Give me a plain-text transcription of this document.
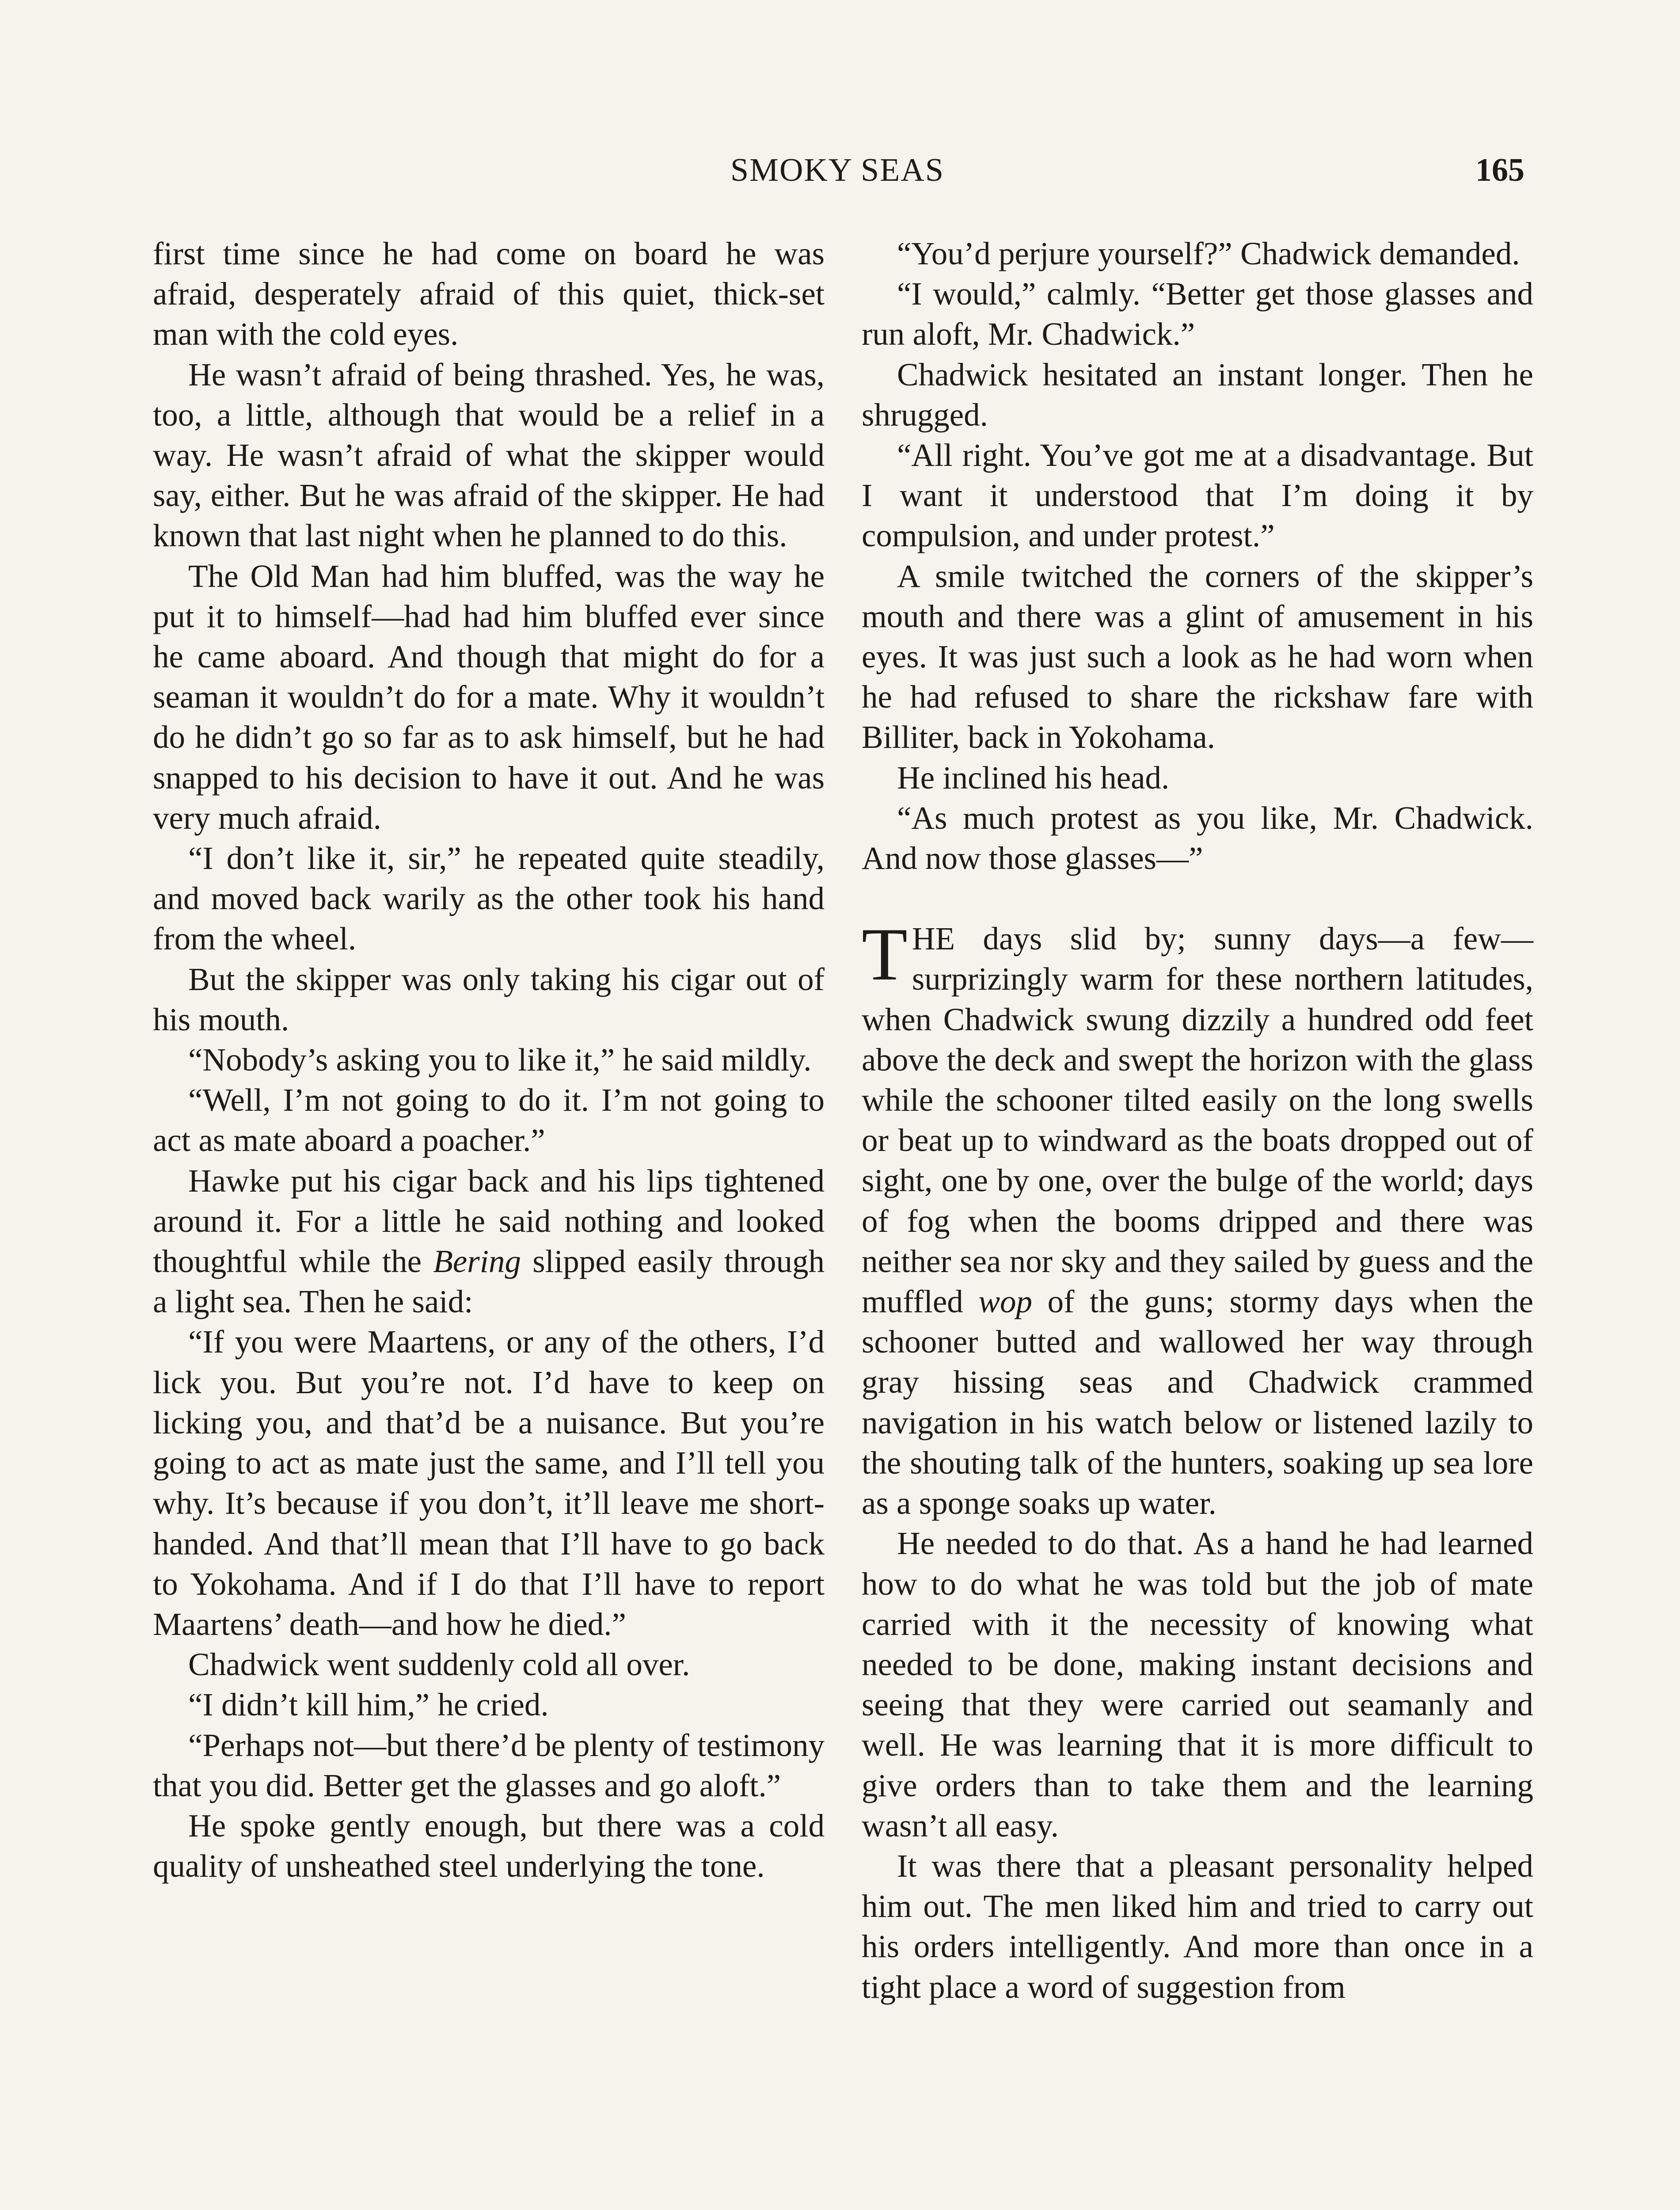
SMOKY SEAS	165

first time since he had come on board he was afraid, desperately afraid of this quiet, thick-set man with the cold eyes.

He wasn’t afraid of being thrashed. Yes, he was, too, a little, although that would be a relief in a way. He wasn’t afraid of what the skipper would say, either. But he was afraid of the skipper. He had known that last night when he planned to do this.

The Old Man had him bluffed, was the way he put it to himself—had had him bluffed ever since he came aboard. And though that might do for a seaman it wouldn’t do for a mate. Why it wouldn’t do he didn’t go so far as to ask himself, but he had snapped to his decision to have it out. And he was very much afraid.

“I don’t like it, sir,” he repeated quite steadily, and moved back warily as the other took his hand from the wheel.

But the skipper was only taking his cigar out of his mouth.

“Nobody’s asking you to like it,” he said mildly.

“Well, I’m not going to do it. I’m not going to act as mate aboard a poacher.”

Hawke put his cigar back and his lips tightened around it. For a little he said nothing and looked thoughtful while the Bering slipped easily through a light sea. Then he said:

“If you were Maartens, or any of the others, I’d lick you. But you’re not. I’d have to keep on licking you, and that’d be a nuisance. But you’re going to act as mate just the same, and I’ll tell you why. It’s because if you don’t, it’ll leave me short-handed. And that’ll mean that I’ll have to go back to Yokohama. And if I do that I’ll have to report Maartens’ death—and how he died.”

Chadwick went suddenly cold all over.

“I didn’t kill him,” he cried.

“Perhaps not—but there’d be plenty of testimony that you did. Better get the glasses and go aloft.”

He spoke gently enough, but there was a cold quality of unsheathed steel underlying the tone.

“You’d perjure yourself?” Chadwick demanded.

“I would,” calmly. “Better get those glasses and run aloft, Mr. Chadwick.”

Chadwick hesitated an instant longer. Then he shrugged.

“All right. You’ve got me at a disadvantage. But I want it understood that I’m doing it by compulsion, and under protest.”

A smile twitched the corners of the skipper’s mouth and there was a glint of amusement in his eyes. It was just such a look as he had worn when he had refused to share the rickshaw fare with Billiter, back in Yokohama.

He inclined his head.

“As much protest as you like, Mr. Chadwick. And now those glasses—”

THE days slid by; sunny days—a few—surprizingly warm for these northern latitudes, when Chadwick swung dizzily a hundred odd feet above the deck and swept the horizon with the glass while the schooner tilted easily on the long swells or beat up to windward as the boats dropped out of sight, one by one, over the bulge of the world; days of fog when the booms dripped and there was neither sea nor sky and they sailed by guess and the muffled wop of the guns; stormy days when the schooner butted and wallowed her way through gray hissing seas and Chadwick crammed navigation in his watch below or listened lazily to the shouting talk of the hunters, soaking up sea lore as a sponge soaks up water.

He needed to do that. As a hand he had learned how to do what he was told but the job of mate carried with it the necessity of knowing what needed to be done, making instant decisions and seeing that they were carried out seamanly and well. He was learning that it is more difficult to give orders than to take them and the learning wasn’t all easy.

It was there that a pleasant personality helped him out. The men liked him and tried to carry out his orders intelligently. And more than once in a tight place a word of suggestion from
